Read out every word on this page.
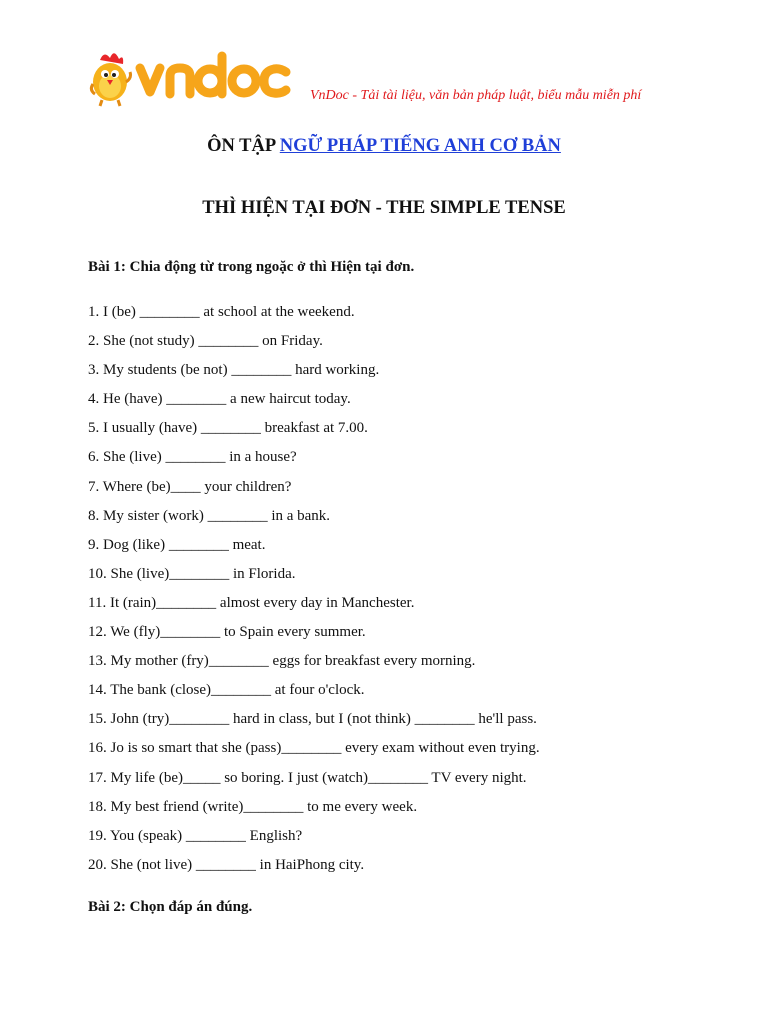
VnDoc - Tải tài liệu, văn bản pháp luật, biểu mẫu miễn phí
ÔN TẬP NGỮ PHÁP TIẾNG ANH CƠ BẢN
THÌ HIỆN TẠI ĐƠN - THE SIMPLE TENSE
Bài 1: Chia động từ trong ngoặc ở thì Hiện tại đơn.
1. I (be) ________ at school at the weekend.
2. She (not study) ________ on Friday.
3. My students (be not) ________ hard working.
4. He (have) ________ a new haircut today.
5. I usually (have) ________ breakfast at 7.00.
6. She (live) ________ in a house?
7. Where (be)____ your children?
8. My sister (work) ________ in a bank.
9. Dog (like) ________ meat.
10. She (live)________ in Florida.
11. It (rain)________ almost every day in Manchester.
12. We (fly)________ to Spain every summer.
13. My mother (fry)________ eggs for breakfast every morning.
14. The bank (close)________ at four o'clock.
15. John (try)________ hard in class, but I (not think) ________ he'll pass.
16. Jo is so smart that she (pass)________ every exam without even trying.
17. My life (be)_____ so boring. I just (watch)________ TV every night.
18. My best friend (write)________ to me every week.
19. You (speak) ________ English?
20. She (not live) ________ in HaiPhong city.
Bài 2: Chọn đáp án đúng.
